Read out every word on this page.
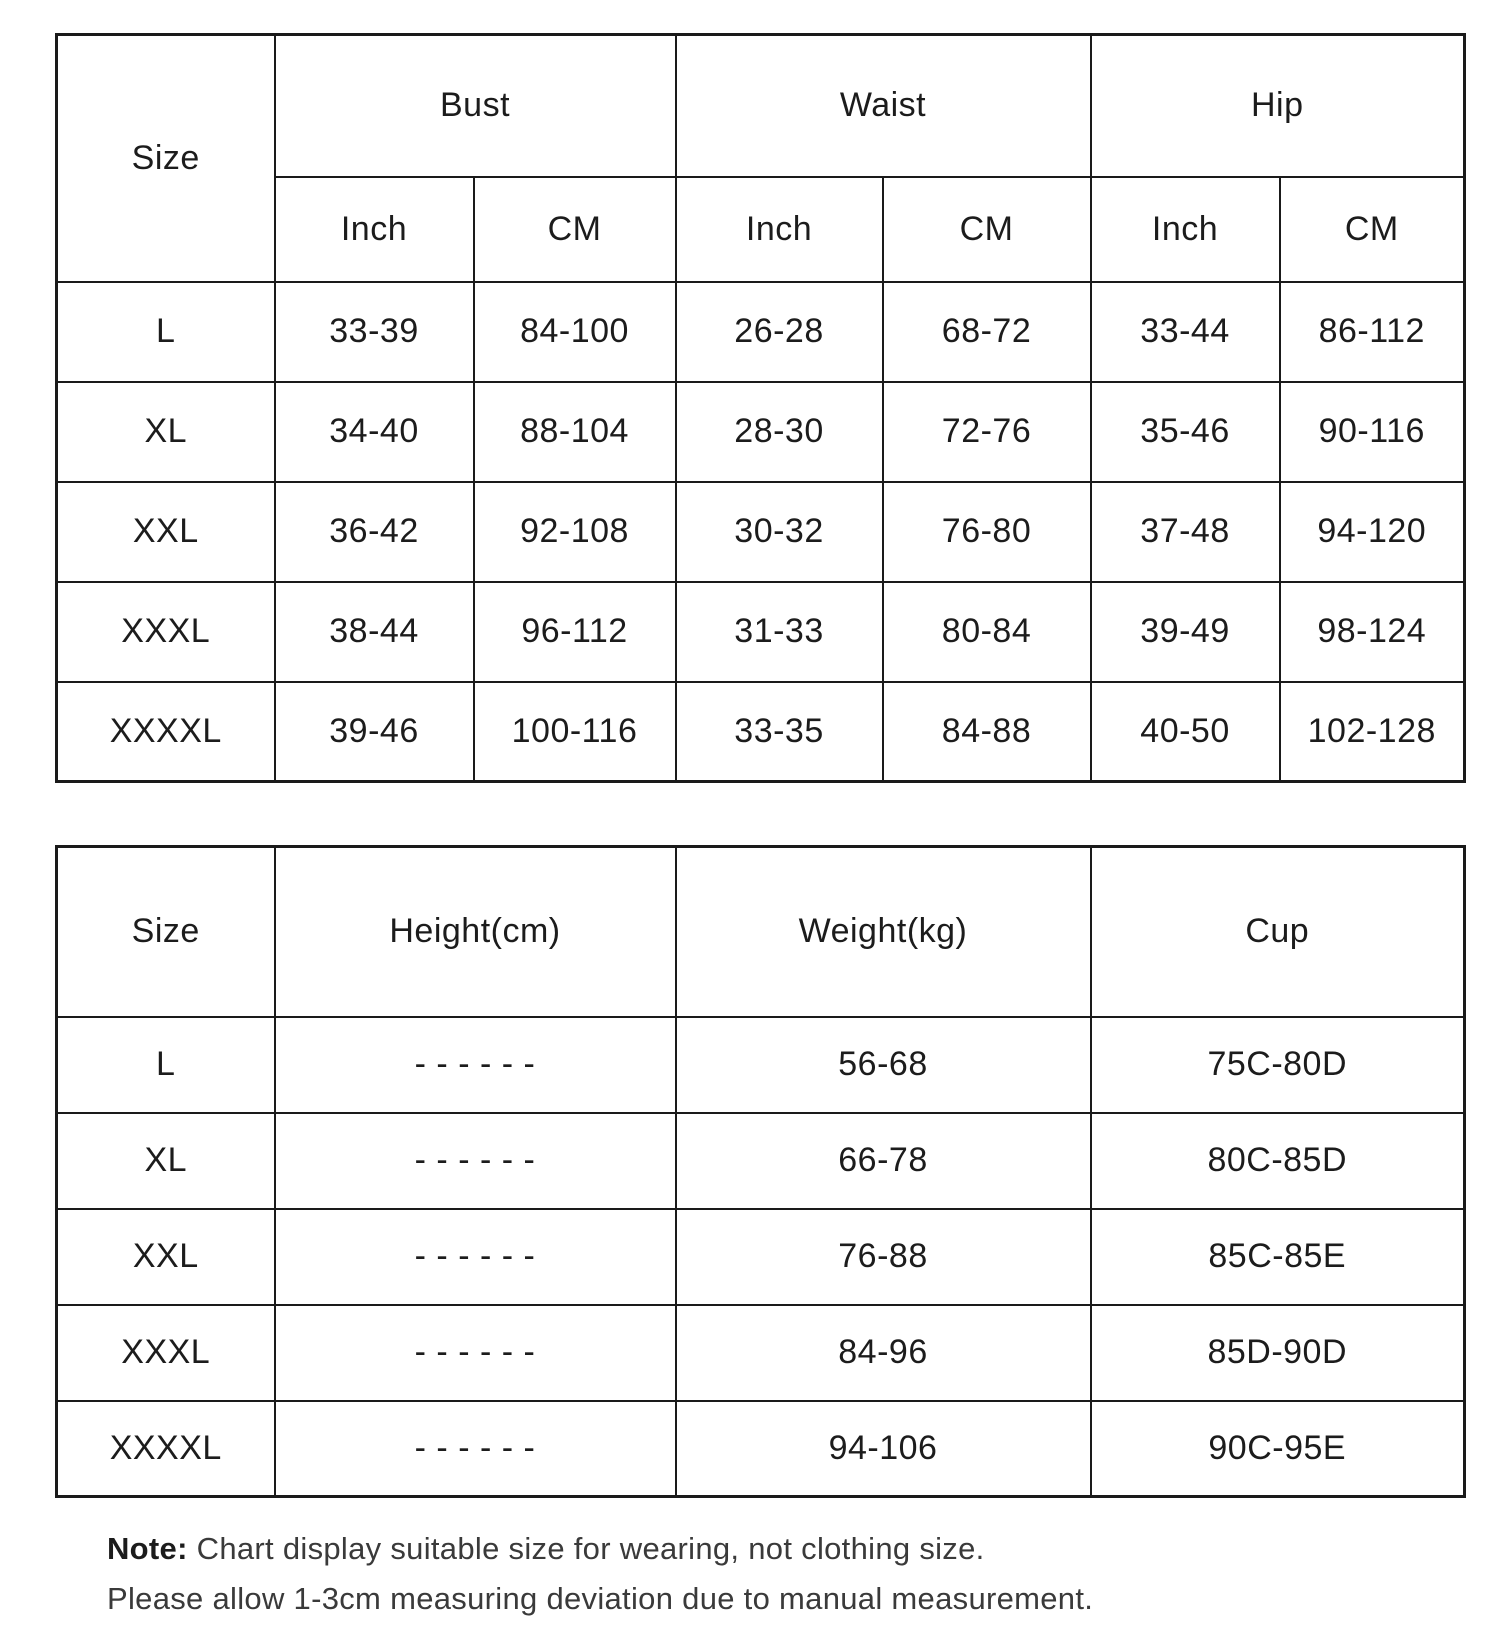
Size	Bust		Waist		Hip	
	Inch	CM	Inch	CM	Inch	CM
L	33-39	84-100	26-28	68-72	33-44	86-112
XL	34-40	88-104	28-30	72-76	35-46	90-116
XXL	36-42	92-108	30-32	76-80	37-48	94-120
XXXL	38-44	96-112	31-33	80-84	39-49	98-124
XXXXL	39-46	100-116	33-35	84-88	40-50	102-128
Size	Height(cm)	Weight(kg)	Cup
L	- - - - - -	56-68	75C-80D
XL	- - - - - -	66-78	80C-85D
XXL	- - - - - -	76-88	85C-85E
XXXL	- - - - - -	84-96	85D-90D
XXXXL	- - - - - -	94-106	90C-95E
Note: Chart display suitable size for wearing, not clothing size.
Please allow 1-3cm measuring deviation due to manual measurement.
